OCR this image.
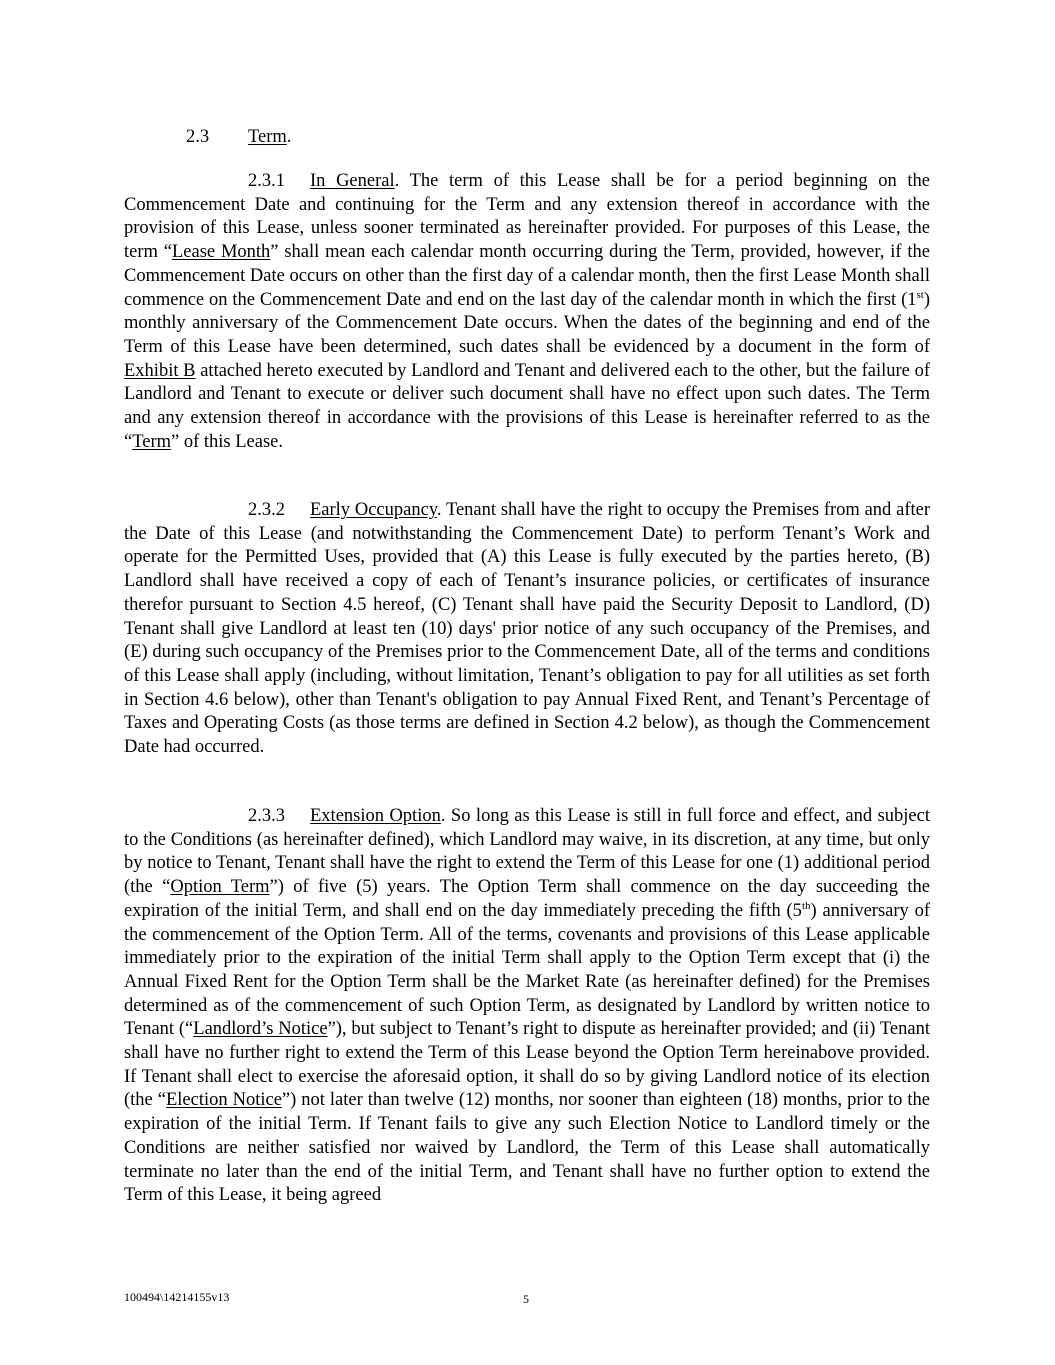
2.3 Term.

2.3.1 In General. The term of this Lease shall be for a period beginning on the Commencement Date and continuing for the Term and any extension thereof in accordance with the provision of this Lease, unless sooner terminated as hereinafter provided. For purposes of this Lease, the term “Lease Month” shall mean each calendar month occurring during the Term, provided, however, if the Commencement Date occurs on other than the first day of a calendar month, then the first Lease Month shall commence on the Commencement Date and end on the last day of the calendar month in which the first (1st) monthly anniversary of the Commencement Date occurs. When the dates of the beginning and end of the Term of this Lease have been determined, such dates shall be evidenced by a document in the form of Exhibit B attached hereto executed by Landlord and Tenant and delivered each to the other, but the failure of Landlord and Tenant to execute or deliver such document shall have no effect upon such dates. The Term and any extension thereof in accordance with the provisions of this Lease is hereinafter referred to as the “Term” of this Lease.

2.3.2 Early Occupancy. Tenant shall have the right to occupy the Premises from and after the Date of this Lease (and notwithstanding the Commencement Date) to perform Tenant’s Work and operate for the Permitted Uses, provided that (A) this Lease is fully executed by the parties hereto, (B) Landlord shall have received a copy of each of Tenant’s insurance policies, or certificates of insurance therefor pursuant to Section 4.5 hereof, (C) Tenant shall have paid the Security Deposit to Landlord, (D) Tenant shall give Landlord at least ten (10) days' prior notice of any such occupancy of the Premises, and (E) during such occupancy of the Premises prior to the Commencement Date, all of the terms and conditions of this Lease shall apply (including, without limitation, Tenant’s obligation to pay for all utilities as set forth in Section 4.6 below), other than Tenant's obligation to pay Annual Fixed Rent, and Tenant’s Percentage of Taxes and Operating Costs (as those terms are defined in Section 4.2 below), as though the Commencement Date had occurred.

2.3.3 Extension Option. So long as this Lease is still in full force and effect, and subject to the Conditions (as hereinafter defined), which Landlord may waive, in its discretion, at any time, but only by notice to Tenant, Tenant shall have the right to extend the Term of this Lease for one (1) additional period (the “Option Term”) of five (5) years. The Option Term shall commence on the day succeeding the expiration of the initial Term, and shall end on the day immediately preceding the fifth (5th) anniversary of the commencement of the Option Term. All of the terms, covenants and provisions of this Lease applicable immediately prior to the expiration of the initial Term shall apply to the Option Term except that (i) the Annual Fixed Rent for the Option Term shall be the Market Rate (as hereinafter defined) for the Premises determined as of the commencement of such Option Term, as designated by Landlord by written notice to Tenant (“Landlord’s Notice”), but subject to Tenant’s right to dispute as hereinafter provided; and (ii) Tenant shall have no further right to extend the Term of this Lease beyond the Option Term hereinabove provided. If Tenant shall elect to exercise the aforesaid option, it shall do so by giving Landlord notice of its election (the “Election Notice”) not later than twelve (12) months, nor sooner than eighteen (18) months, prior to the expiration of the initial Term. If Tenant fails to give any such Election Notice to Landlord timely or the Conditions are neither satisfied nor waived by Landlord, the Term of this Lease shall automatically terminate no later than the end of the initial Term, and Tenant shall have no further option to extend the Term of this Lease, it being agreed

100494\14214155v13	5
